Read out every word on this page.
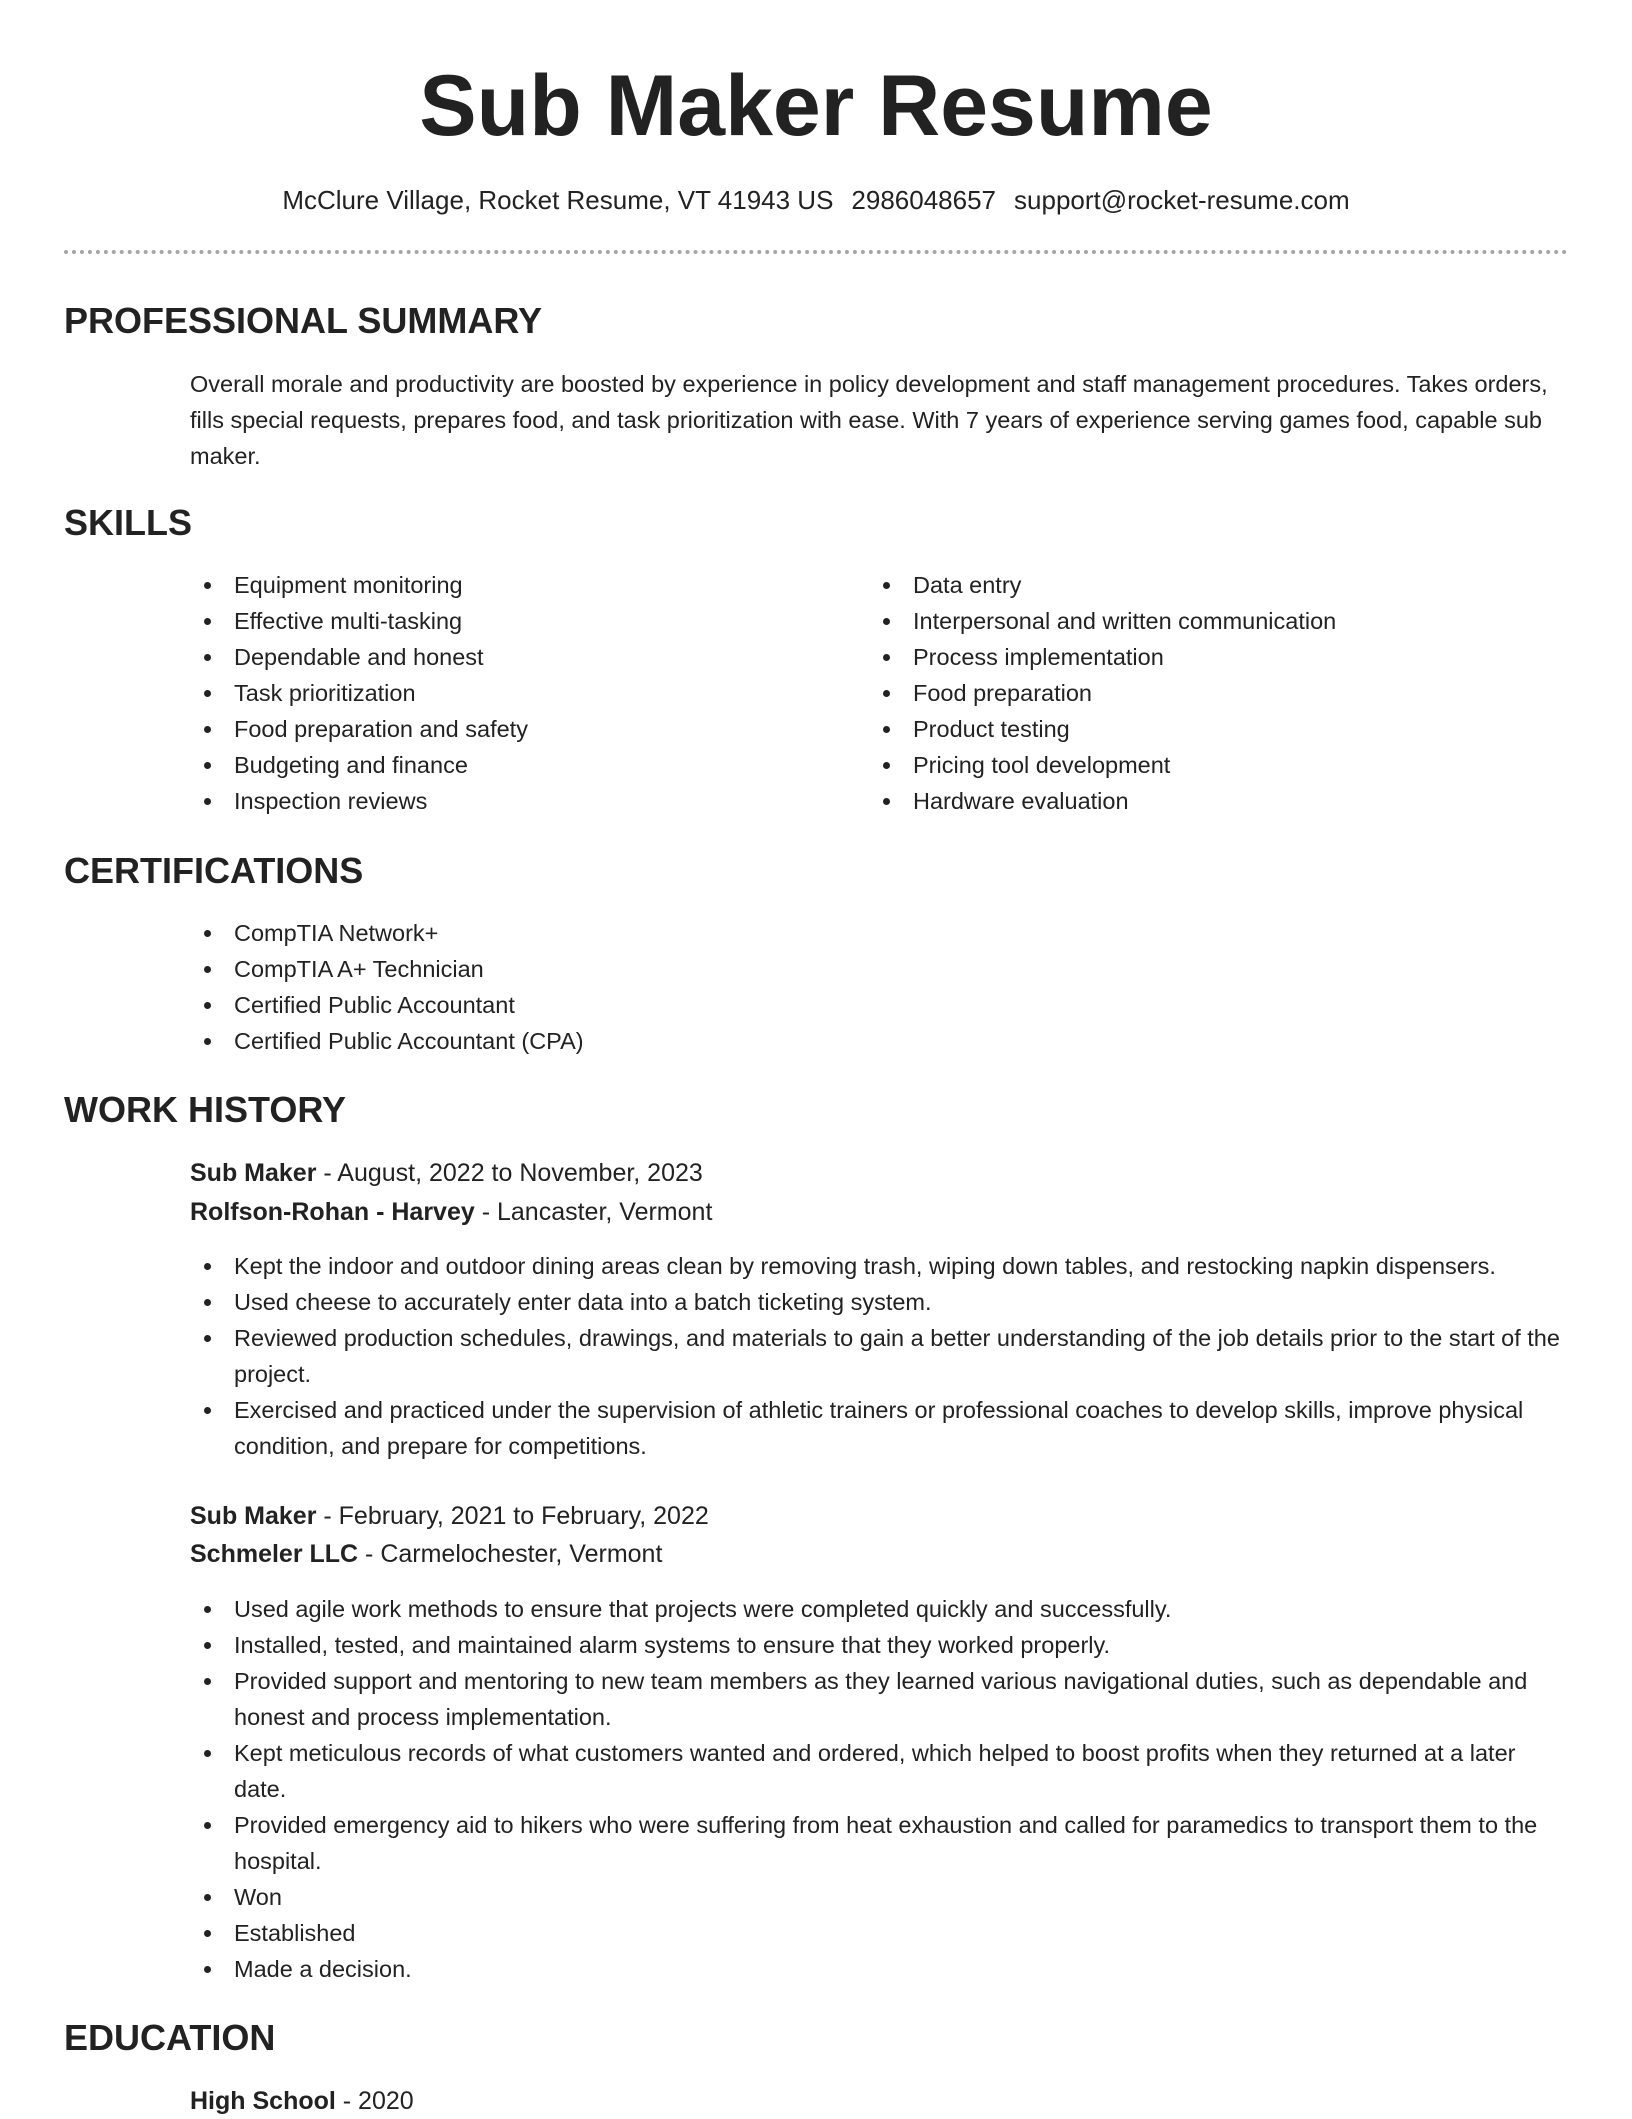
Sub Maker Resume
McClure Village, Rocket Resume, VT 41943 US 2986048657 support@rocket-resume.com
PROFESSIONAL SUMMARY

Overall morale and productivity are boosted by experience in policy development and staff management procedures. Takes orders, fills special requests, prepares food, and task prioritization with ease. With 7 years of experience serving games food, capable sub maker.

SKILLS
Equipment monitoring
Effective multi-tasking
Dependable and honest
Task prioritization
Food preparation and safety
Budgeting and finance
Inspection reviews
Data entry
Interpersonal and written communication
Process implementation
Food preparation
Product testing
Pricing tool development
Hardware evaluation
CERTIFICATIONS
CompTIA Network+
CompTIA A+ Technician
Certified Public Accountant
Certified Public Accountant (CPA)
WORK HISTORY
Sub Maker - August, 2022 to November, 2023
Rolfson-Rohan - Harvey - Lancaster, Vermont
Kept the indoor and outdoor dining areas clean by removing trash, wiping down tables, and restocking napkin dispensers.
Used cheese to accurately enter data into a batch ticketing system.
Reviewed production schedules, drawings, and materials to gain a better understanding of the job details prior to the start of the project.
Exercised and practiced under the supervision of athletic trainers or professional coaches to develop skills, improve physical condition, and prepare for competitions.
Sub Maker - February, 2021 to February, 2022
Schmeler LLC - Carmelochester, Vermont
Used agile work methods to ensure that projects were completed quickly and successfully.
Installed, tested, and maintained alarm systems to ensure that they worked properly.
Provided support and mentoring to new team members as they learned various navigational duties, such as dependable and honest and process implementation.
Kept meticulous records of what customers wanted and ordered, which helped to boost profits when they returned at a later date.
Provided emergency aid to hikers who were suffering from heat exhaustion and called for paramedics to transport them to the hospital.
Won
Established
Made a decision.
EDUCATION
High School - 2020
